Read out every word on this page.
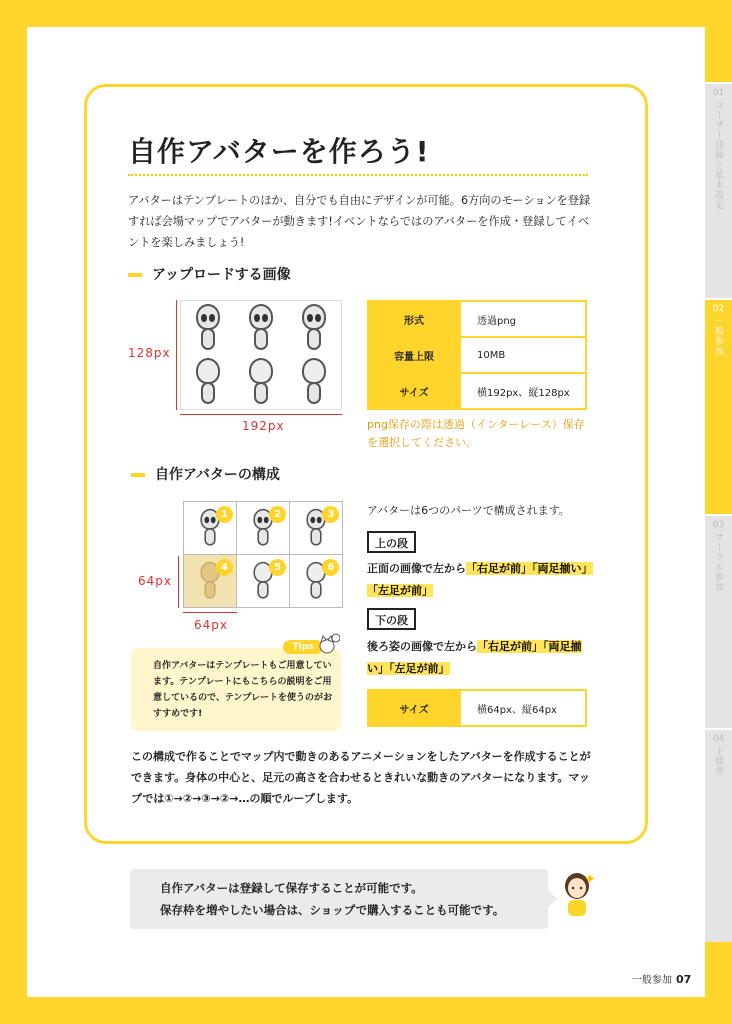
01
ユーザー登録と基本設定
02
一般参加
03
サークル参加
04
主催者
自作アバターを作ろう!

アバターはテンプレートのほか、自分でも自由にデザインが可能。6方向のモーションを登録すれば会場マップでアバターが動きます!イベントならではのアバターを作成・登録してイベントを楽しみましょう!

アップロードする画像
128px
192px
形式	透過png
容量上限	10MB
サイズ	横192px、縦128px

png保存の際は透過（インターレース）保存を選択してください。

自作アバターの構成
1	2	3
4	5	6
64px
64px
自作アバターはテンプレートもご用意しています。テンプレートにもこちらの説明をご用意しているので、テンプレートを使うのがおすすめです!
Tips
アバターは6つのパーツで構成されます。
上の段

正面の画像で左から「右足が前」「両足揃い」「左足が前」

下の段

後ろ姿の画像で左から「右足が前」「両足揃い」「左足が前」

サイズ	横64px、縦64px

この構成で作ることでマップ内で動きのあるアニメーションをしたアバターを作成することができます。身体の中心と、足元の高さを合わせるときれいな動きのアバターになります。マップでは①→②→③→②→…の順でループします。

自作アバターは登録して保存することが可能です。
保存枠を増やしたい場合は、ショップで購入することも可能です。
一般参加 07
